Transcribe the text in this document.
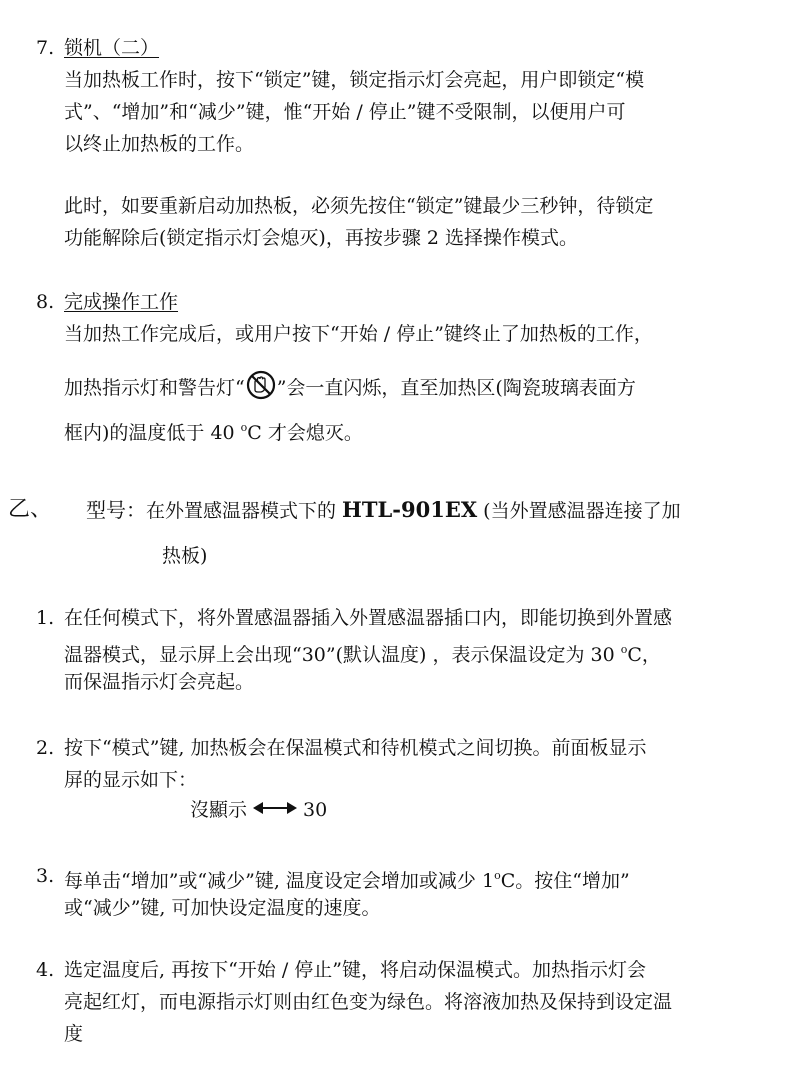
7. 锁机（二）
当加热板工作时，按下“锁定”键，锁定指示灯会亮起，用户即锁定“模
式”、“增加”和“减少”键，惟“开始 / 停止”键不受限制，以便用户可
以终止加热板的工作。
此时，如要重新启动加热板，必须先按住“锁定”键最少三秒钟，待锁定
功能解除后(锁定指示灯会熄灭)，再按步骤 2 选择操作模式。
8. 完成操作工作
当加热工作完成后，或用户按下“开始 / 停止”键终止了加热板的工作，
加热指示灯和警告灯“ ”会一直闪烁，直至加热区(陶瓷玻璃表面方
框内)的温度低于 40 $^o$C 才会熄灭。
乙、 型号：在外置感温器模式下的 HTL-901EX (当外置感温器连接了加
热板)
1. 在任何模式下，将外置感温器插入外置感温器插口内，即能切换到外置感
温器模式，显示屏上会出现“30”(默认温度) ，表示保温设定为 30 $^o$C，
而保温指示灯会亮起。
2. 按下“模式”键, 加热板会在保温模式和待机模式之间切换。前面板显示
屏的显示如下：
沒顯示	30
3. 每单击“增加”或“减少”键, 温度设定会增加或减少 1$^o$C。按住“增加”
或“减少”键, 可加快设定温度的速度。
4. 选定温度后, 再按下“开始 / 停止”键，将启动保温模式。加热指示灯会
亮起红灯，而电源指示灯则由红色变为绿色。将溶液加热及保持到设定温
度
